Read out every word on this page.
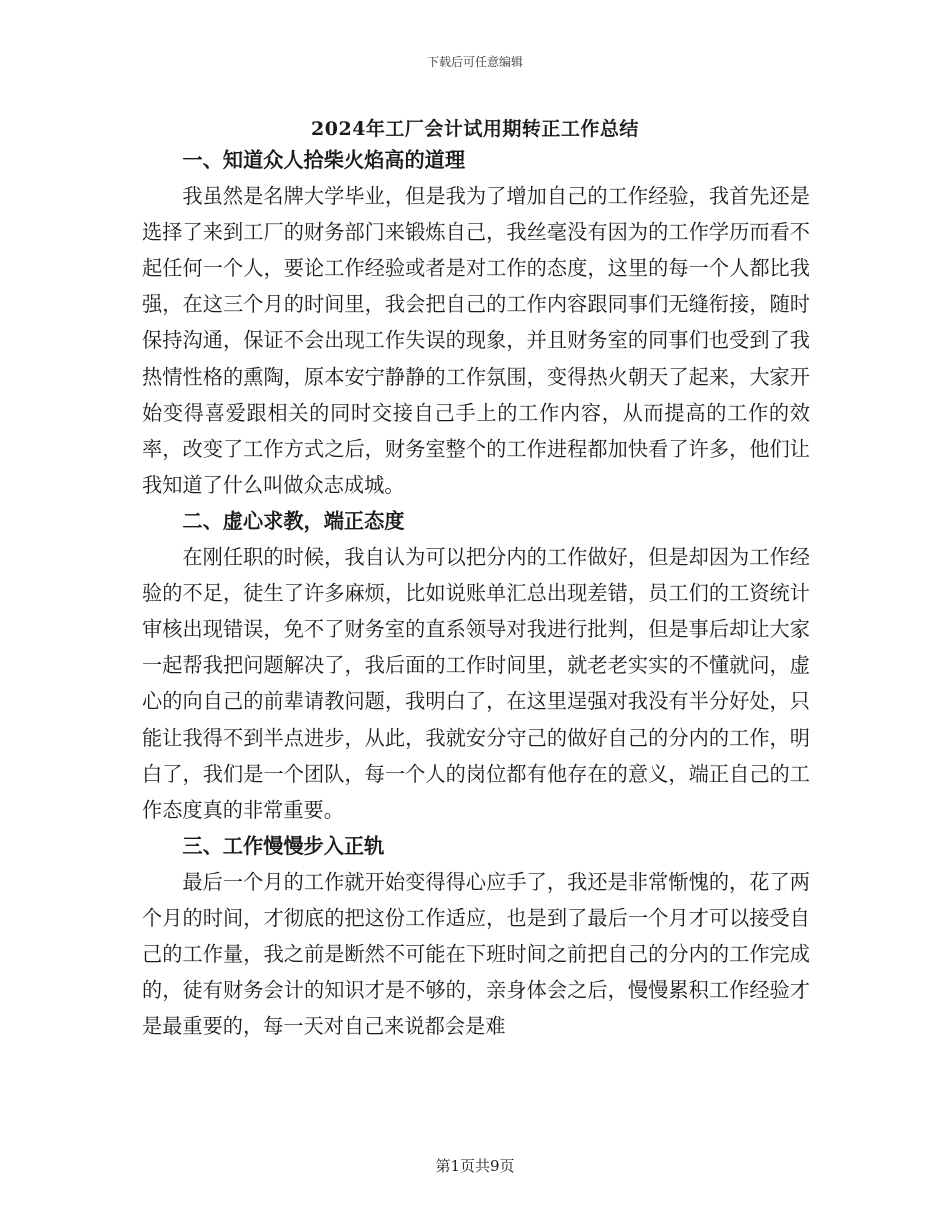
下载后可任意编辑
2024年工厂会计试用期转正工作总结

一、知道众人拾柴火焰高的道理

我虽然是名牌大学毕业，但是我为了增加自己的工作经验，我首先还是选择了来到工厂的财务部门来锻炼自己，我丝毫没有因为的工作学历而看不起任何一个人，要论工作经验或者是对工作的态度，这里的每一个人都比我强，在这三个月的时间里，我会把自己的工作内容跟同事们无缝衔接，随时保持沟通，保证不会出现工作失误的现象，并且财务室的同事们也受到了我热情性格的熏陶，原本安宁静静的工作氛围，变得热火朝天了起来，大家开始变得喜爱跟相关的同时交接自己手上的工作内容，从而提高的工作的效率，改变了工作方式之后，财务室整个的工作进程都加快看了许多，他们让我知道了什么叫做众志成城。

二、虚心求教，端正态度

在刚任职的时候，我自认为可以把分内的工作做好，但是却因为工作经验的不足，徒生了许多麻烦，比如说账单汇总出现差错，员工们的工资统计审核出现错误，免不了财务室的直系领导对我进行批判，但是事后却让大家一起帮我把问题解决了，我后面的工作时间里，就老老实实的不懂就问，虚心的向自己的前辈请教问题，我明白了，在这里逞强对我没有半分好处，只能让我得不到半点进步，从此，我就安分守己的做好自己的分内的工作，明白了，我们是一个团队，每一个人的岗位都有他存在的意义，端正自己的工作态度真的非常重要。

三、工作慢慢步入正轨

最后一个月的工作就开始变得得心应手了，我还是非常惭愧的，花了两个月的时间，才彻底的把这份工作适应，也是到了最后一个月才可以接受自己的工作量，我之前是断然不可能在下班时间之前把自己的分内的工作完成的，徒有财务会计的知识才是不够的，亲身体会之后，慢慢累积工作经验才是最重要的，每一天对自己来说都会是难

第1页共9页
